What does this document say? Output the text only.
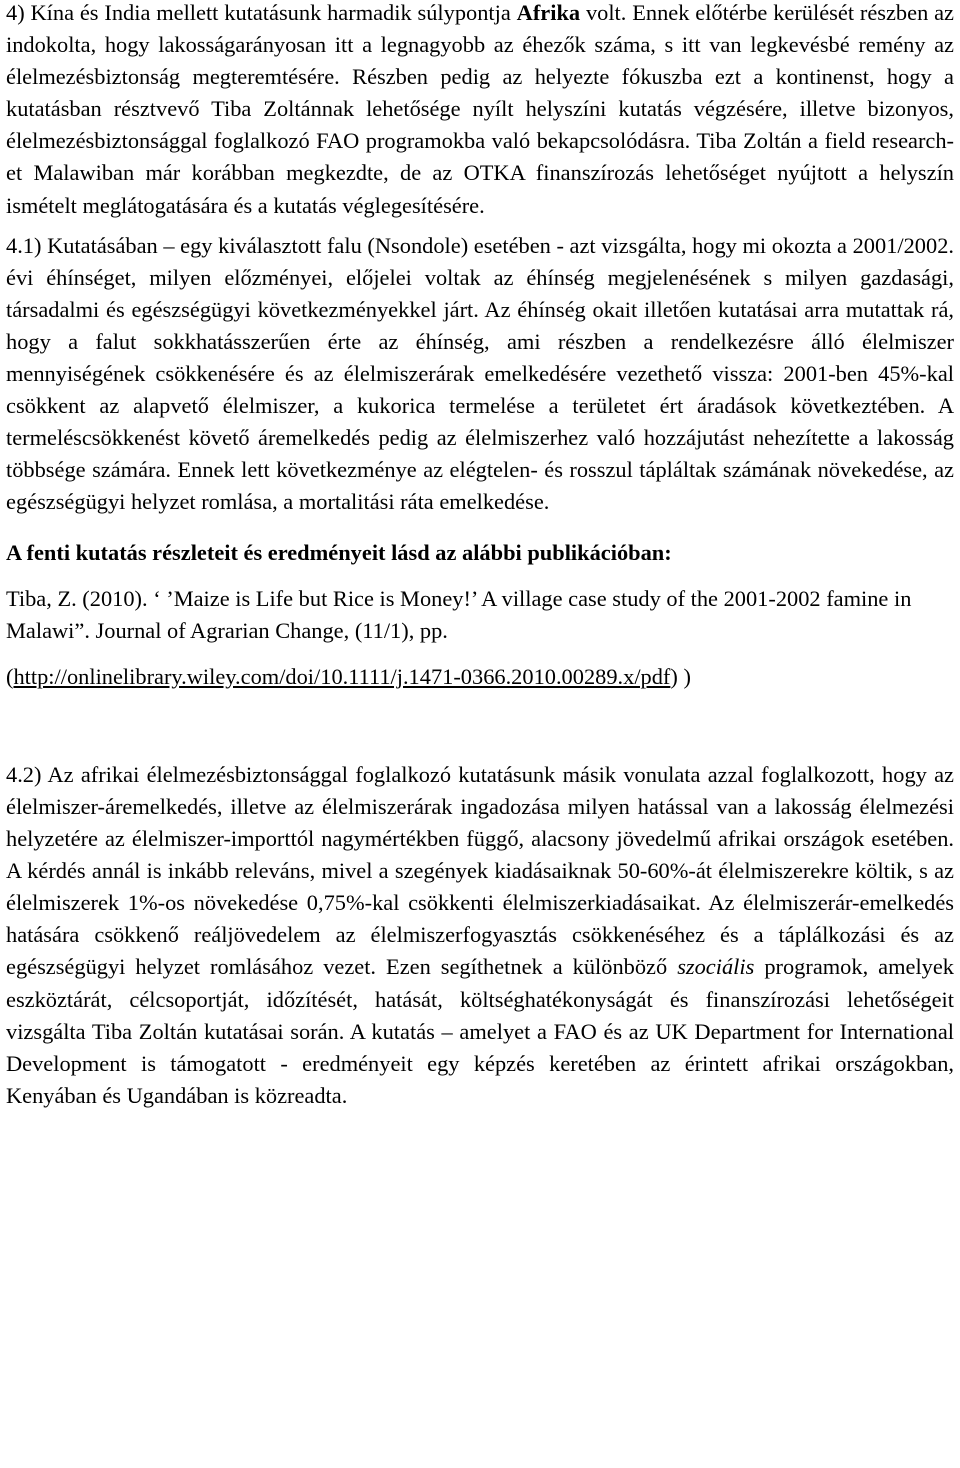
4) Kína és India mellett kutatásunk harmadik súlypontja Afrika volt. Ennek előtérbe kerülését részben az indokolta, hogy lakosságarányosan itt a legnagyobb az éhezők száma, s itt van legkevésbé remény az élelmezésbiztonság megteremtésére. Részben pedig az helyezte fókuszba ezt a kontinenst, hogy a kutatásban résztvevő Tiba Zoltánnak lehetősége nyílt helyszíni kutatás végzésére, illetve bizonyos, élelmezésbiztonsággal foglalkozó FAO programokba való bekapcsolódásra. Tiba Zoltán a field research-et Malawiban már korábban megkezdte, de az OTKA finanszírozás lehetőséget nyújtott a helyszín ismételt meglátogatására és a kutatás véglegesítésére.

4.1) Kutatásában – egy kiválasztott falu (Nsondole) esetében - azt vizsgálta, hogy mi okozta a 2001/2002. évi éhínséget, milyen előzményei, előjelei voltak az éhínség megjelenésének s milyen gazdasági, társadalmi és egészségügyi következményekkel járt. Az éhínség okait illetően kutatásai arra mutattak rá, hogy a falut sokkhatásszerűen érte az éhínség, ami részben a rendelkezésre álló élelmiszer mennyiségének csökkenésére és az élelmiszerárak emelkedésére vezethető vissza: 2001-ben 45%-kal csökkent az alapvető élelmiszer, a kukorica termelése a területet ért áradások következtében. A termeléscsökkenést követő áremelkedés pedig az élelmiszerhez való hozzájutást nehezítette a lakosság többsége számára. Ennek lett következménye az elégtelen- és rosszul tápláltak számának növekedése, az egészségügyi helyzet romlása, a mortalitási ráta emelkedése.

A fenti kutatás részleteit és eredményeit lásd az alábbi publikációban:

Tiba, Z. (2010). ‘ ’Maize is Life but Rice is Money!’ A village case study of the 2001-2002 famine in Malawi”. Journal of Agrarian Change, (11/1), pp.

(http://onlinelibrary.wiley.com/doi/10.1111/j.1471-0366.2010.00289.x/pdf) )

4.2) Az afrikai élelmezésbiztonsággal foglalkozó kutatásunk másik vonulata azzal foglalkozott, hogy az élelmiszer-áremelkedés, illetve az élelmiszerárak ingadozása milyen hatással van a lakosság élelmezési helyzetére az élelmiszer-importtól nagymértékben függő, alacsony jövedelmű afrikai országok esetében. A kérdés annál is inkább releváns, mivel a szegények kiadásaiknak 50-60%-át élelmiszerekre költik, s az élelmiszerek 1%-os növekedése 0,75%-kal csökkenti élelmiszerkiadásaikat. Az élelmiszerár-emelkedés hatására csökkenő reáljövedelem az élelmiszerfogyasztás csökkenéséhez és a táplálkozási és az egészségügyi helyzet romlásához vezet. Ezen segíthetnek a különböző szociális programok, amelyek eszköztárát, célcsoportját, időzítését, hatását, költséghatékonyságát és finanszírozási lehetőségeit vizsgálta Tiba Zoltán kutatásai során. A kutatás – amelyet a FAO és az UK Department for International Development is támogatott - eredményeit egy képzés keretében az érintett afrikai országokban, Kenyában és Ugandában is közreadta.
